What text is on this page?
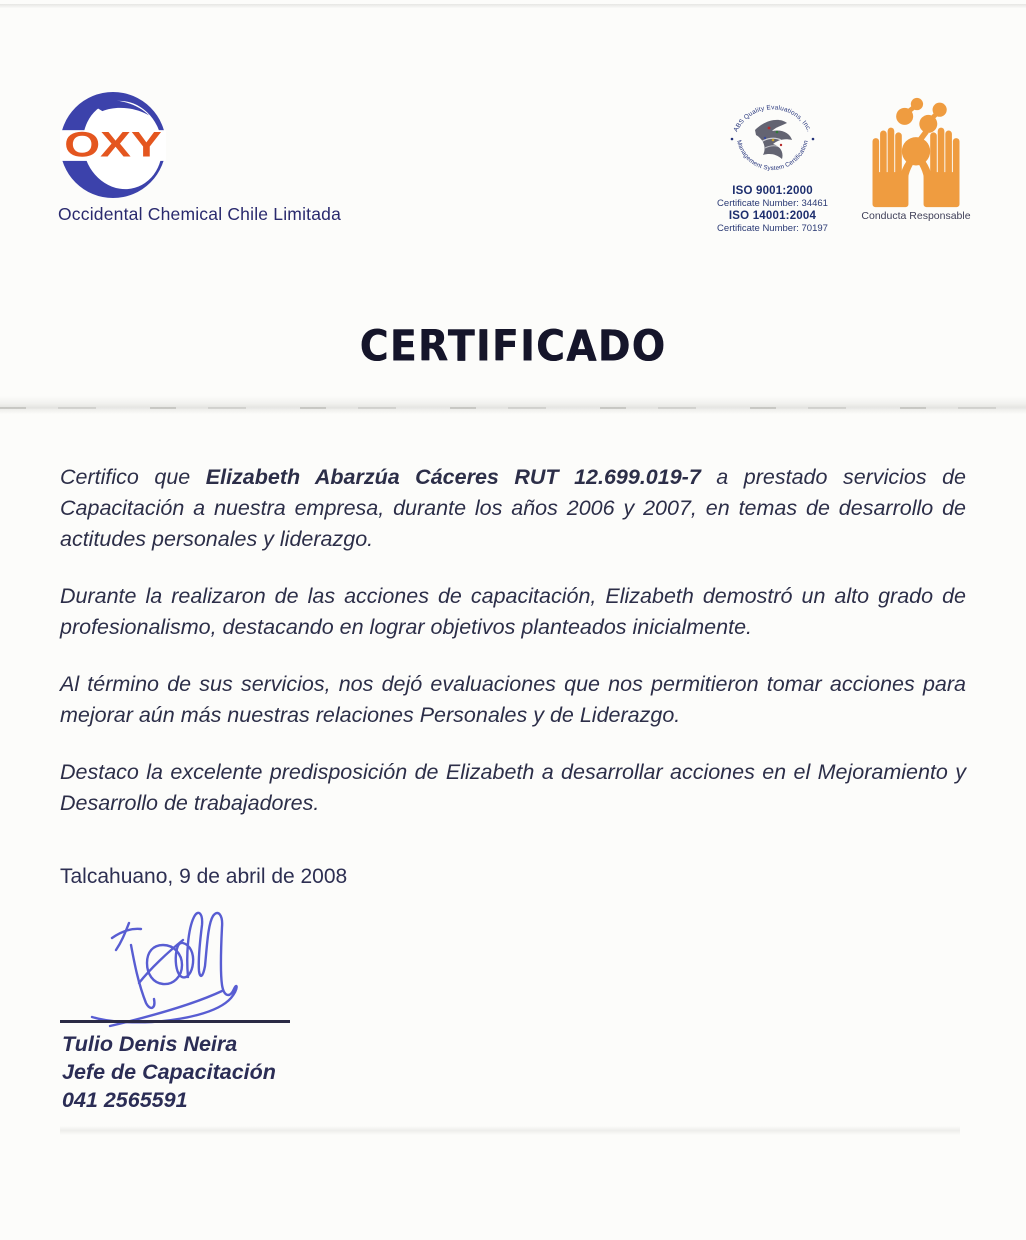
OXY
Occidental Chemical Chile Limitada
ABS Quality Evaluations, Inc.
Management System Certification
ISO 9001:2000
Certificate Number: 34461
ISO 14001:2004
Certificate Number: 70197
Conducta Responsable
CERTIFICADO

Certifico que Elizabeth Abarzúa Cáceres RUT 12.699.019-7 a prestado servicios de Capacitación a nuestra empresa, durante los años 2006 y 2007, en temas de desarrollo de actitudes personales y liderazgo.

Durante la realizaron de las acciones de capacitación, Elizabeth demostró un alto grado de profesionalismo, destacando en lograr objetivos planteados inicialmente.

Al término de sus servicios, nos dejó evaluaciones que nos permitieron tomar acciones para mejorar aún más nuestras relaciones Personales y de Liderazgo.

Destaco la excelente predisposición de Elizabeth a desarrollar acciones en el Mejoramiento y Desarrollo de trabajadores.

Talcahuano, 9 de abril de 2008
Tulio Denis Neira
Jefe de Capacitación
041 2565591
